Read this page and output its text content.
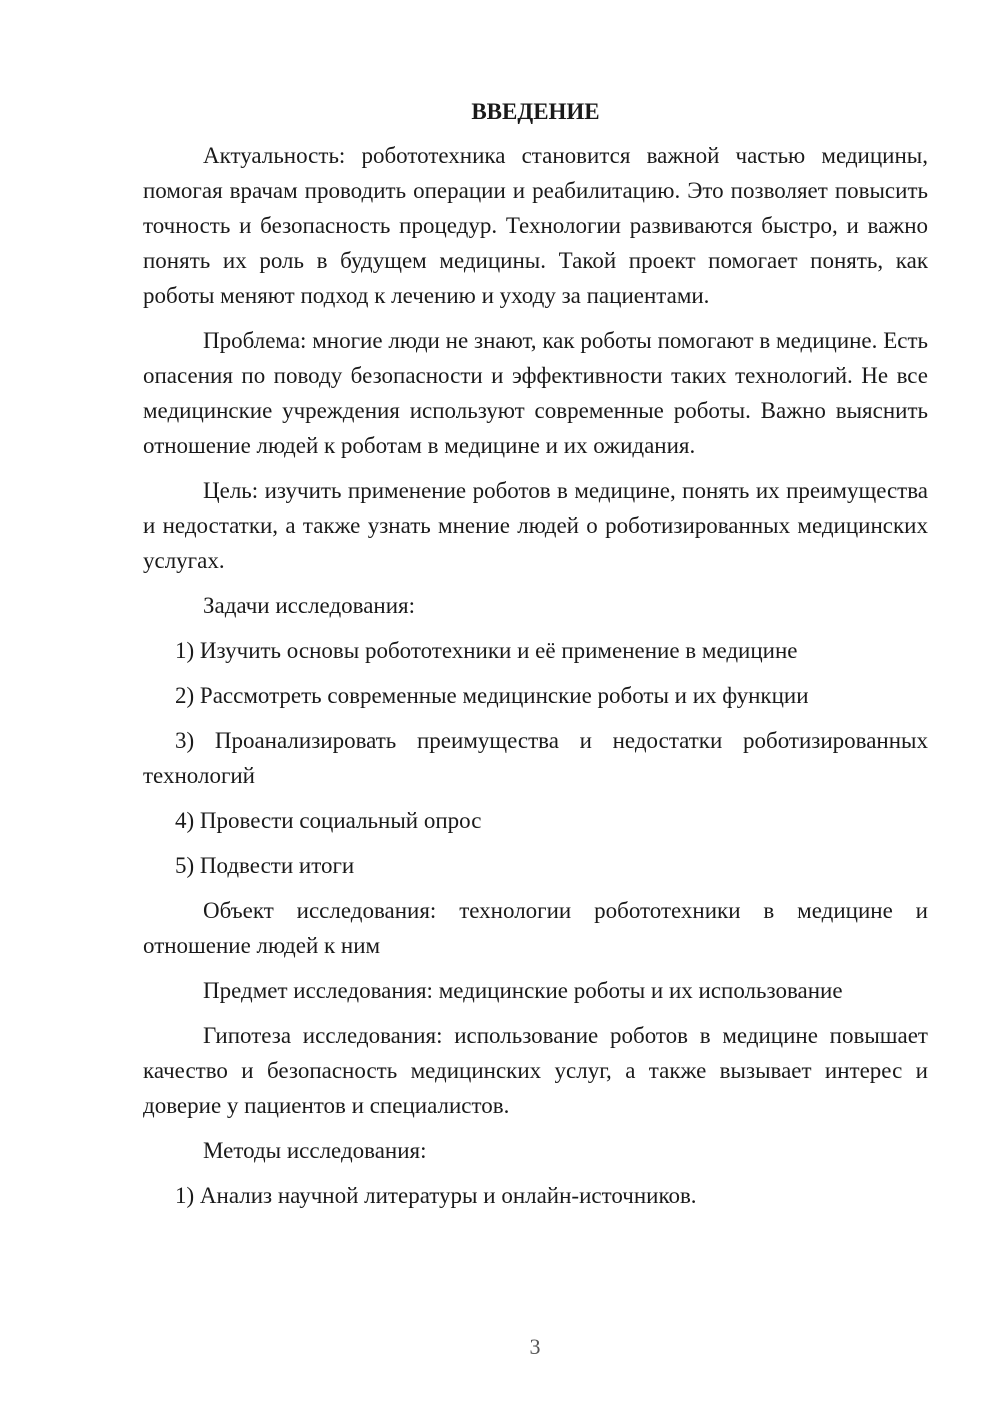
ВВЕДЕНИЕ

Актуальность: робототехника становится важной частью медицины, помогая врачам проводить операции и реабилитацию. Это позволяет повысить точность и безопасность процедур. Технологии развиваются быстро, и важно понять их роль в будущем медицины. Такой проект помогает понять, как роботы меняют подход к лечению и уходу за пациентами.

Проблема: многие люди не знают, как роботы помогают в медицине. Есть опасения по поводу безопасности и эффективности таких технологий. Не все медицинские учреждения используют современные роботы. Важно выяснить отношение людей к роботам в медицине и их ожидания.

Цель: изучить применение роботов в медицине, понять их преимущества и недостатки, а также узнать мнение людей о роботизированных медицинских услугах.

Задачи исследования:

1) Изучить основы робототехники и её применение в медицине

2) Рассмотреть современные медицинские роботы и их функции

3) Проанализировать преимущества и недостатки роботизированных технологий

4) Провести социальный опрос

5) Подвести итоги

Объект исследования: технологии робототехники в медицине и отношение людей к ним

Предмет исследования: медицинские роботы и их использование

Гипотеза исследования: использование роботов в медицине повышает качество и безопасность медицинских услуг, а также вызывает интерес и доверие у пациентов и специалистов.

Методы исследования:

1) Анализ научной литературы и онлайн-источников.

3
